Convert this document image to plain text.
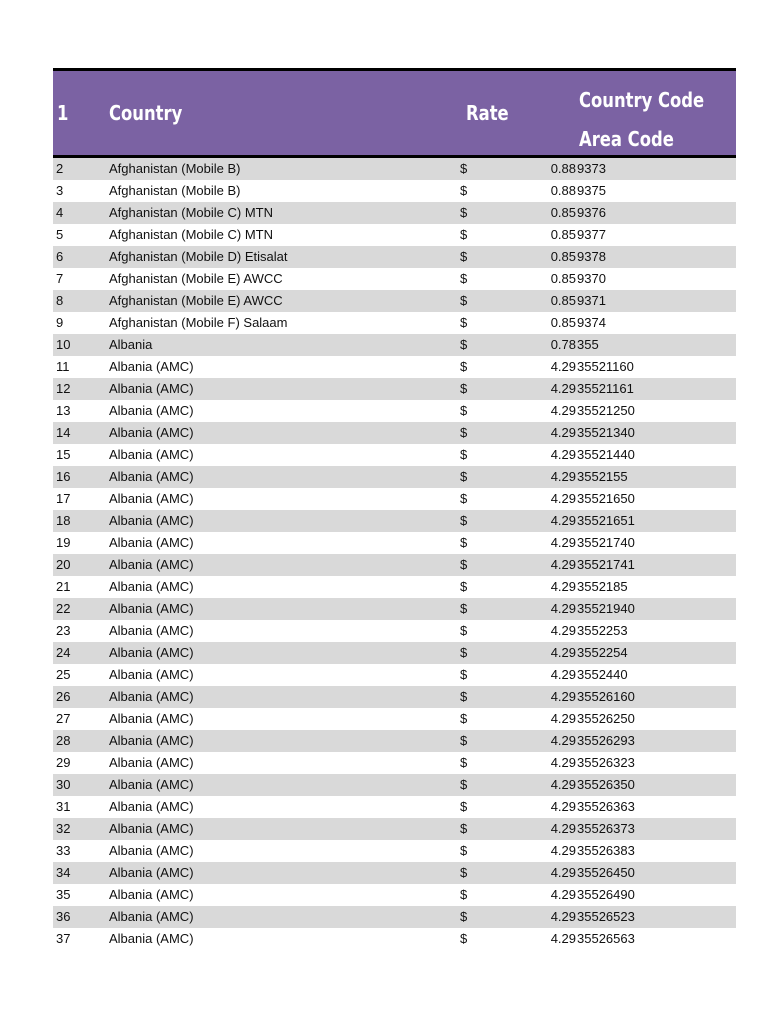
1 Country	Rate
Country Code
Area Code
2	Afghanistan (Mobile B)	$	0.88 9373
3	Afghanistan (Mobile B)	$	0.88 9375
4	Afghanistan (Mobile C) MTN	$	0.85 9376
5	Afghanistan (Mobile C) MTN	$	0.85 9377
6	Afghanistan (Mobile D) Etisalat	$	0.85 9378
7	Afghanistan (Mobile E) AWCC	$	0.85 9370
8	Afghanistan (Mobile E) AWCC	$	0.85 9371
9	Afghanistan (Mobile F) Salaam	$	0.85 9374
10	Albania	$	0.78 355
11	Albania (AMC)	$	4.29 35521160
12	Albania (AMC)	$	4.29 35521161
13	Albania (AMC)	$	4.29 35521250
14	Albania (AMC)	$	4.29 35521340
15	Albania (AMC)	$	4.29 35521440
16	Albania (AMC)	$	4.29 3552155
17	Albania (AMC)	$	4.29 35521650
18	Albania (AMC)	$	4.29 35521651
19	Albania (AMC)	$	4.29 35521740
20	Albania (AMC)	$	4.29 35521741
21	Albania (AMC)	$	4.29 3552185
22	Albania (AMC)	$	4.29 35521940
23	Albania (AMC)	$	4.29 3552253
24	Albania (AMC)	$	4.29 3552254
25	Albania (AMC)	$	4.29 3552440
26	Albania (AMC)	$	4.29 35526160
27	Albania (AMC)	$	4.29 35526250
28	Albania (AMC)	$	4.29 35526293
29	Albania (AMC)	$	4.29 35526323
30	Albania (AMC)	$	4.29 35526350
31	Albania (AMC)	$	4.29 35526363
32	Albania (AMC)	$	4.29 35526373
33	Albania (AMC)	$	4.29 35526383
34	Albania (AMC)	$	4.29 35526450
35	Albania (AMC)	$	4.29 35526490
36	Albania (AMC)	$	4.29 35526523
37	Albania (AMC)	$	4.29 35526563
